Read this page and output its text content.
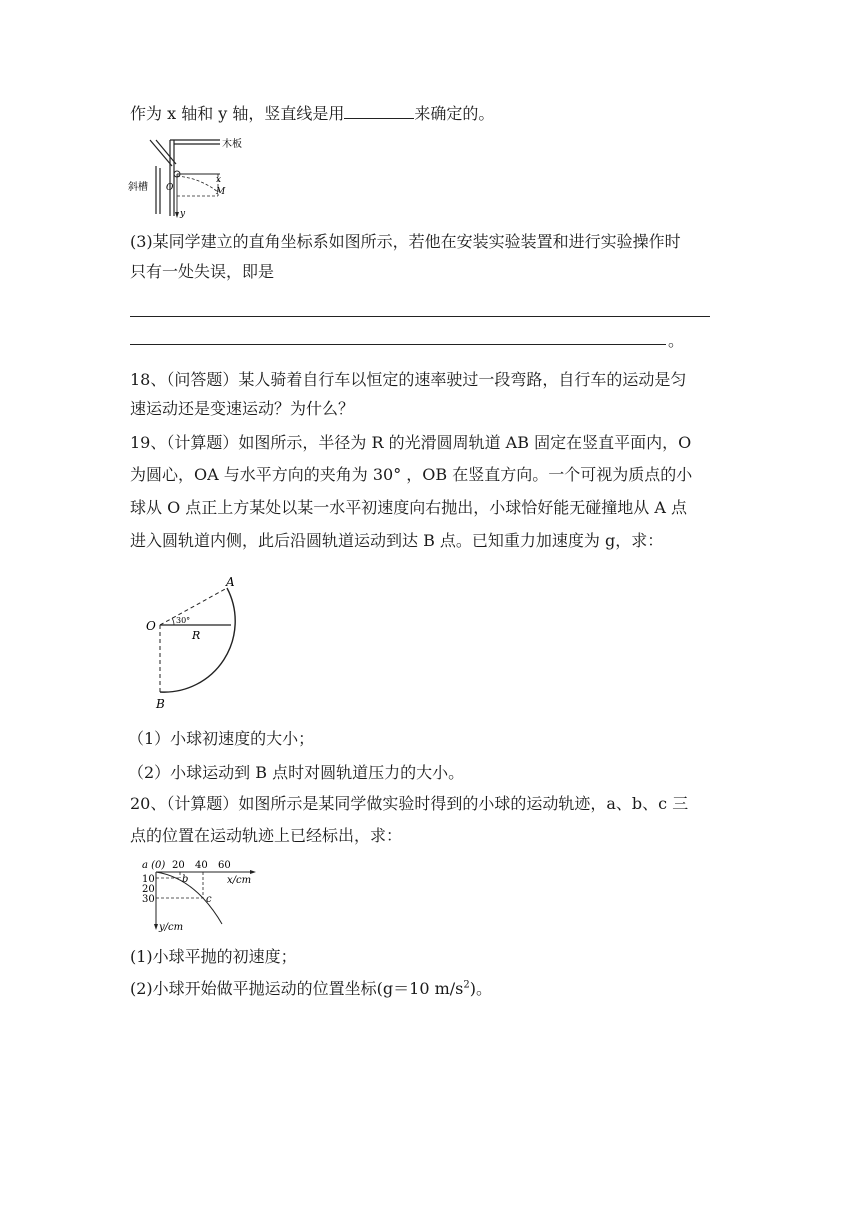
作为 x 轴和 y 轴，竖直线是用	来确定的。
木板
斜槽 O
x
y
M
(3)某同学建立的直角坐标系如图所示，若他在安装实验装置和进行实验操作时
只有一处失误，即是
。
18、（问答题）某人骑着自行车以恒定的速率驶过一段弯路，自行车的运动是匀
速运动还是变速运动？为什么？
19、（计算题）如图所示，半径为 R 的光滑圆周轨道 AB 固定在竖直平面内，O
为圆心，OA 与水平方向的夹角为 30° ，OB 在竖直方向。一个可视为质点的小
球从 O 点正上方某处以某一水平初速度向右抛出，小球恰好能无碰撞地从 A 点
进入圆轨道内侧，此后沿圆轨道运动到达 B 点。已知重力加速度为 g，求：
A
O
B
30°
R
（1）小球初速度的大小；
（2）小球运动到 B 点时对圆轨道压力的大小。
20、（计算题）如图所示是某同学做实验时得到的小球的运动轨迹，a、b、c 三
点的位置在运动轨迹上已经标出，求：
a (0) 20 40 60
x/cm
y/cm
10
20
30
b
c
(1)小球平抛的初速度；
(2)小球开始做平抛运动的位置坐标(g＝10 $m/s^2$)。
